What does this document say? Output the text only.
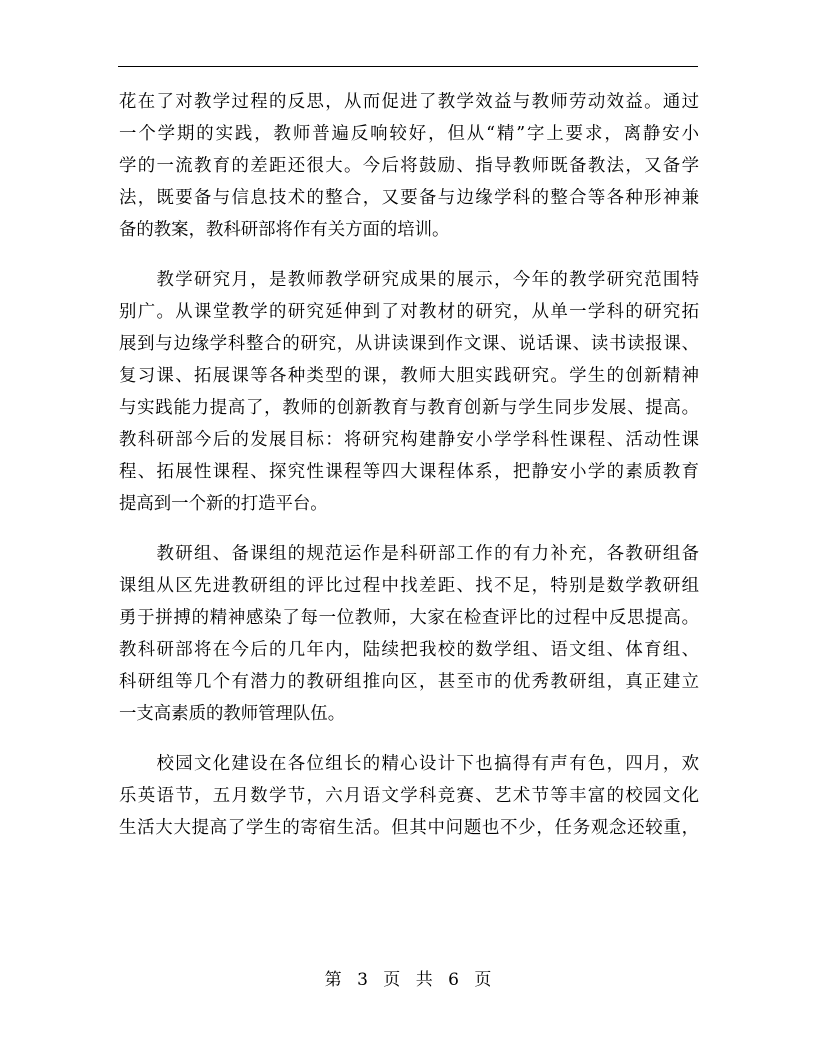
花在了对教学过程的反思，从而促进了教学效益与教师劳动效益。通过
一个学期的实践，教师普遍反响较好，但从“精”字上要求，离静安小
学的一流教育的差距还很大。今后将鼓励、指导教师既备教法，又备学
法，既要备与信息技术的整合，又要备与边缘学科的整合等各种形神兼
备的教案，教科研部将作有关方面的培训。
　　教学研究月，是教师教学研究成果的展示，今年的教学研究范围特
别广。从课堂教学的研究延伸到了对教材的研究，从单一学科的研究拓
展到与边缘学科整合的研究，从讲读课到作文课、说话课、读书读报课、
复习课、拓展课等各种类型的课，教师大胆实践研究。学生的创新精神
与实践能力提高了，教师的创新教育与教育创新与学生同步发展、提高。
教科研部今后的发展目标：将研究构建静安小学学科性课程、活动性课
程、拓展性课程、探究性课程等四大课程体系，把静安小学的素质教育
提高到一个新的打造平台。
　　教研组、备课组的规范运作是科研部工作的有力补充，各教研组备
课组从区先进教研组的评比过程中找差距、找不足，特别是数学教研组
勇于拼搏的精神感染了每一位教师，大家在检查评比的过程中反思提高。
教科研部将在今后的几年内，陆续把我校的数学组、语文组、体育组、
科研组等几个有潜力的教研组推向区，甚至市的优秀教研组，真正建立
一支高素质的教师管理队伍。
　　校园文化建设在各位组长的精心设计下也搞得有声有色，四月，欢
乐英语节，五月数学节，六月语文学科竞赛、艺术节等丰富的校园文化
生活大大提高了学生的寄宿生活。但其中问题也不少，任务观念还较重，
第 3 页 共 6 页
